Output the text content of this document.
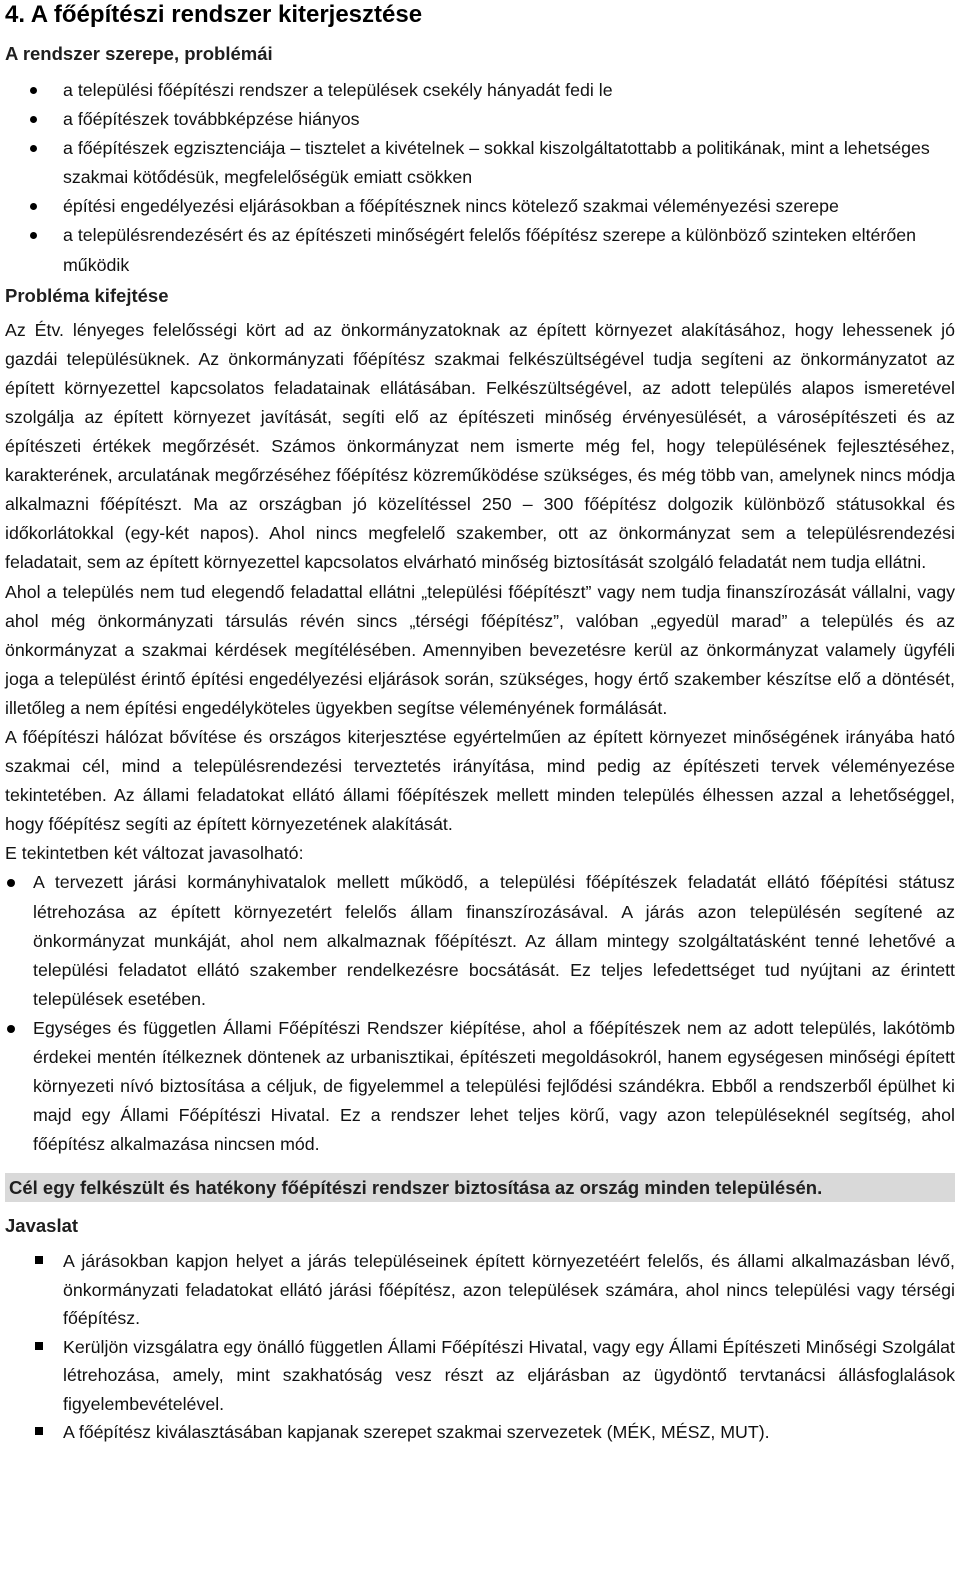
4. A főépítészi rendszer kiterjesztése
A rendszer szerepe, problémái
a települési főépítészi rendszer a települések csekély hányadát fedi le
a főépítészek továbbképzése hiányos
a főépítészek egzisztenciája – tisztelet a kivételnek – sokkal kiszolgáltatottabb a politikának, mint a lehetséges szakmai kötődésük, megfelelőségük emiatt csökken
építési engedélyezési eljárásokban a főépítésznek nincs kötelező szakmai véleményezési szerepe
a településrendezésért és az építészeti minőségért felelős főépítész szerepe a különböző szinteken eltérően működik
Probléma kifejtése

Az Étv. lényeges felelősségi kört ad az önkormányzatoknak az épített környezet alakításához, hogy lehessenek jó gazdái településüknek. Az önkormányzati főépítész szakmai felkészültségével tudja segíteni az önkormányzatot az épített környezettel kapcsolatos feladatainak ellátásában. Felkészültségével, az adott település alapos ismeretével szolgálja az épített környezet javítását, segíti elő az építészeti minőség érvényesülését, a városépítészeti és az építészeti értékek megőrzését. Számos önkormányzat nem ismerte még fel, hogy településének fejlesztéséhez, karakterének, arculatának megőrzéséhez főépítész közreműködése szükséges, és még több van, amelynek nincs módja alkalmazni főépítészt. Ma az országban jó közelítéssel 250 – 300 főépítész dolgozik különböző státusokkal és időkorlátokkal (egy-két napos). Ahol nincs megfelelő szakember, ott az önkormányzat sem a településrendezési feladatait, sem az épített környezettel kapcsolatos elvárható minőség biztosítását szolgáló feladatát nem tudja ellátni.

Ahol a település nem tud elegendő feladattal ellátni „települési főépítészt” vagy nem tudja finanszírozását vállalni, vagy ahol még önkormányzati társulás révén sincs „térségi főépítész”, valóban „egyedül marad” a település és az önkormányzat a szakmai kérdések megítélésében. Amennyiben bevezetésre kerül az önkormányzat valamely ügyféli joga a települést érintő építési engedélyezési eljárások során, szükséges, hogy értő szakember készítse elő a döntését, illetőleg a nem építési engedélyköteles ügyekben segítse véleményének formálását.

A főépítészi hálózat bővítése és országos kiterjesztése egyértelműen az épített környezet minőségének irányába ható szakmai cél, mind a településrendezési terveztetés irányítása, mind pedig az építészeti tervek véleményezése tekintetében. Az állami feladatokat ellátó állami főépítészek mellett minden település élhessen azzal a lehetőséggel, hogy főépítész segíti az épített környezetének alakítását.

E tekintetben két változat javasolható:

A tervezett járási kormányhivatalok mellett működő, a települési főépítészek feladatát ellátó főépítési státusz létrehozása az épített környezetért felelős állam finanszírozásával. A járás azon településén segítené az önkormányzat munkáját, ahol nem alkalmaznak főépítészt. Az állam mintegy szolgáltatásként tenné lehetővé a települési feladatot ellátó szakember rendelkezésre bocsátását. Ez teljes lefedettséget tud nyújtani az érintett települések esetében.
Egységes és független Állami Főépítészi Rendszer kiépítése, ahol a főépítészek nem az adott település, lakótömb érdekei mentén ítélkeznek döntenek az urbanisztikai, építészeti megoldásokról, hanem egységesen minőségi épített környezeti nívó biztosítása a céljuk, de figyelemmel a települési fejlődési szándékra. Ebből a rendszerből épülhet ki majd egy Állami Főépítészi Hivatal. Ez a rendszer lehet teljes körű, vagy azon településeknél segítség, ahol főépítész alkalmazása nincsen mód.
Cél egy felkészült és hatékony főépítészi rendszer biztosítása az ország minden településén.
Javaslat
A járásokban kapjon helyet a járás településeinek épített környezetéért felelős, és állami alkalmazásban lévő, önkormányzati feladatokat ellátó járási főépítész, azon települések számára, ahol nincs települési vagy térségi főépítész.
Kerüljön vizsgálatra egy önálló független Állami Főépítészi Hivatal, vagy egy Állami Építészeti Minőségi Szolgálat létrehozása, amely, mint szakhatóság vesz részt az eljárásban az ügydöntő tervtanácsi állásfoglalások figyelembevételével.
A főépítész kiválasztásában kapjanak szerepet szakmai szervezetek (MÉK, MÉSZ, MUT).
